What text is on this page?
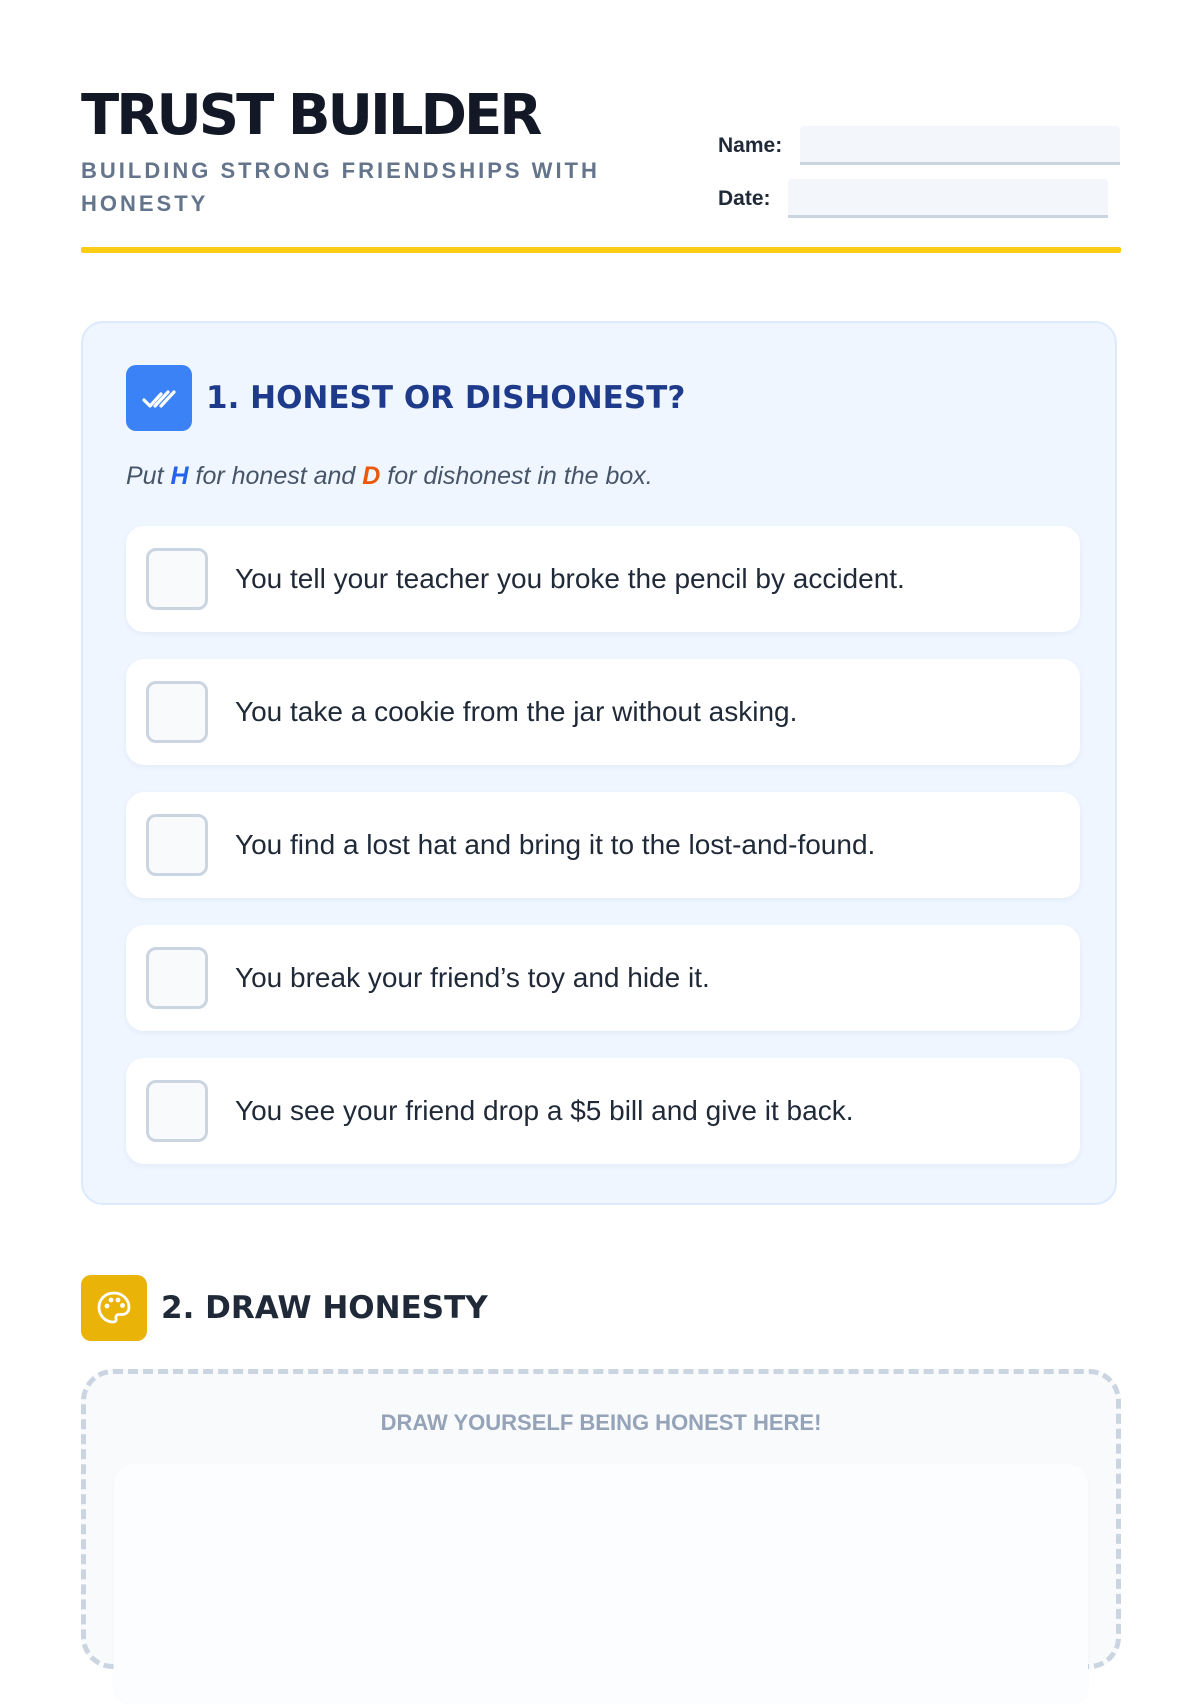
TRUST BUILDER

BUILDING STRONG FRIENDSHIPS WITH HONESTY

Name:
Date:
1. HONEST OR DISHONEST?

Put H for honest and D for dishonest in the box.

You tell your teacher you broke the pencil by accident.
You take a cookie from the jar without asking.
You find a lost hat and bring it to the lost-and-found.
You break your friend’s toy and hide it.
You see your friend drop a $5 bill and give it back.
2. DRAW HONESTY
DRAW YOURSELF BEING HONEST HERE!
